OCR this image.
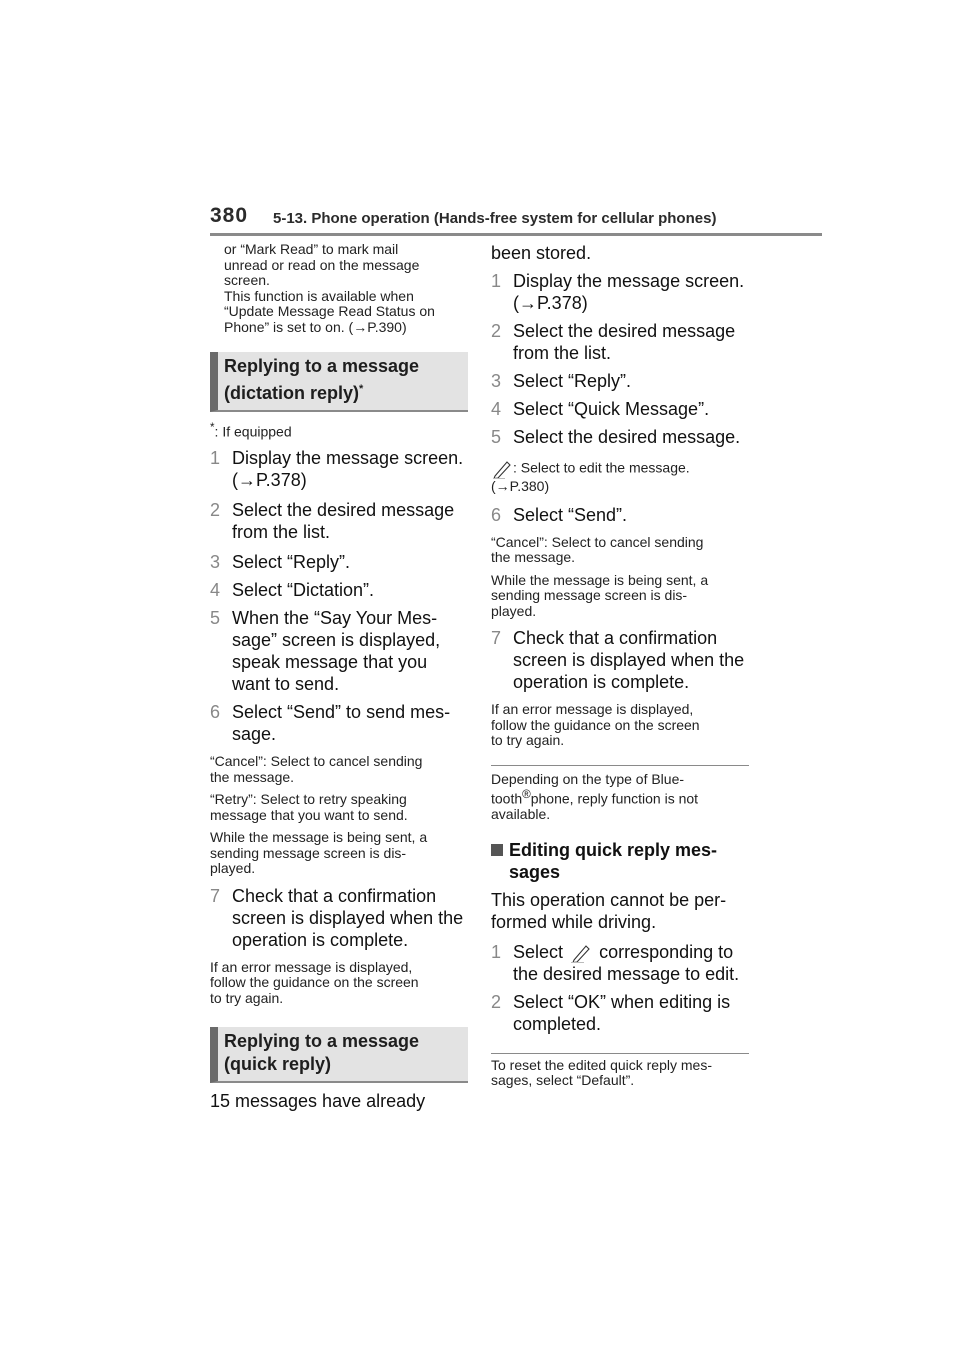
380 5-13. Phone operation (Hands-free system for cellular phones)
or “Mark Read” to mark mail
unread or read on the message
screen.
This function is available when
“Update Message Read Status on
Phone” is set to on. (→P.390)
Replying to a message
(dictation reply)*
*: If equipped
1 Display the message screen.
(→P.378)
2 Select the desired message
from the list.
3 Select “Reply”.
4 Select “Dictation”.
5 When the “Say Your Mes-
sage” screen is displayed,
speak message that you
want to send.
6 Select “Send” to send mes-
sage.
“Cancel”: Select to cancel sending
the message.
“Retry”: Select to retry speaking
message that you want to send.
While the message is being sent, a
sending message screen is dis-
played.
7 Check that a confirmation
screen is displayed when the
operation is complete.
If an error message is displayed,
follow the guidance on the screen
to try again.
Replying to a message
(quick reply)
15 messages have already
been stored.
1 Display the message screen.
(→P.378)
2 Select the desired message
from the list.
3 Select “Reply”.
4 Select “Quick Message”.
5 Select the desired message.
: Select to edit the message.
(→P.380)
6 Select “Send”.
“Cancel”: Select to cancel sending
the message.
While the message is being sent, a
sending message screen is dis-
played.
7 Check that a confirmation
screen is displayed when the
operation is complete.
If an error message is displayed,
follow the guidance on the screen
to try again.
Depending on the type of Blue-
tooth®phone, reply function is not
available.
Editing quick reply mes-
sages
This operation cannot be per-
formed while driving.
1 Select corresponding to
the desired message to edit.
2 Select “OK” when editing is
completed.
To reset the edited quick reply mes-
sages, select “Default”.
